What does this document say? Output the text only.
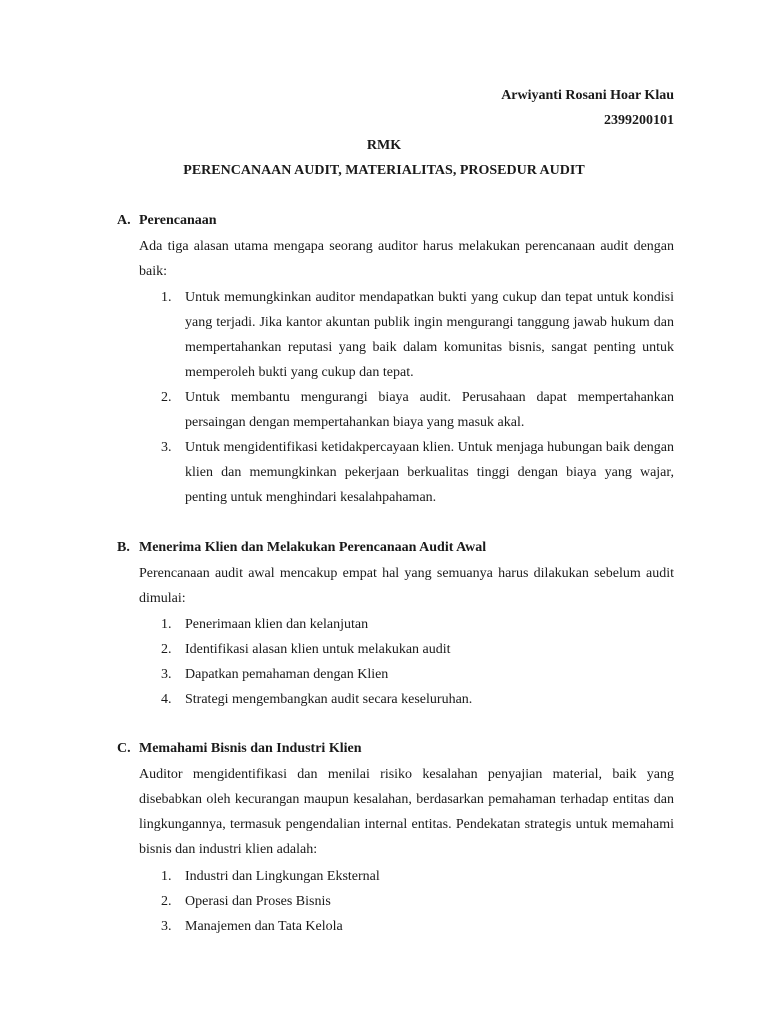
Arwiyanti Rosani Hoar Klau
2399200101
RMK
PERENCANAAN AUDIT, MATERIALITAS, PROSEDUR AUDIT
A. Perencanaan
Ada tiga alasan utama mengapa seorang auditor harus melakukan perencanaan audit dengan baik:
1. Untuk memungkinkan auditor mendapatkan bukti yang cukup dan tepat untuk kondisi yang terjadi. Jika kantor akuntan publik ingin mengurangi tanggung jawab hukum dan mempertahankan reputasi yang baik dalam komunitas bisnis, sangat penting untuk memperoleh bukti yang cukup dan tepat.
2. Untuk membantu mengurangi biaya audit. Perusahaan dapat mempertahankan persaingan dengan mempertahankan biaya yang masuk akal.
3. Untuk mengidentifikasi ketidakpercayaan klien. Untuk menjaga hubungan baik dengan klien dan memungkinkan pekerjaan berkualitas tinggi dengan biaya yang wajar, penting untuk menghindari kesalahpahaman.
B. Menerima Klien dan Melakukan Perencanaan Audit Awal
Perencanaan audit awal mencakup empat hal yang semuanya harus dilakukan sebelum audit dimulai:
1. Penerimaan klien dan kelanjutan
2. Identifikasi alasan klien untuk melakukan audit
3. Dapatkan pemahaman dengan Klien
4. Strategi mengembangkan audit secara keseluruhan.
C. Memahami Bisnis dan Industri Klien
Auditor mengidentifikasi dan menilai risiko kesalahan penyajian material, baik yang disebabkan oleh kecurangan maupun kesalahan, berdasarkan pemahaman terhadap entitas dan lingkungannya, termasuk pengendalian internal entitas. Pendekatan strategis untuk memahami bisnis dan industri klien adalah:
1. Industri dan Lingkungan Eksternal
2. Operasi dan Proses Bisnis
3. Manajemen dan Tata Kelola
